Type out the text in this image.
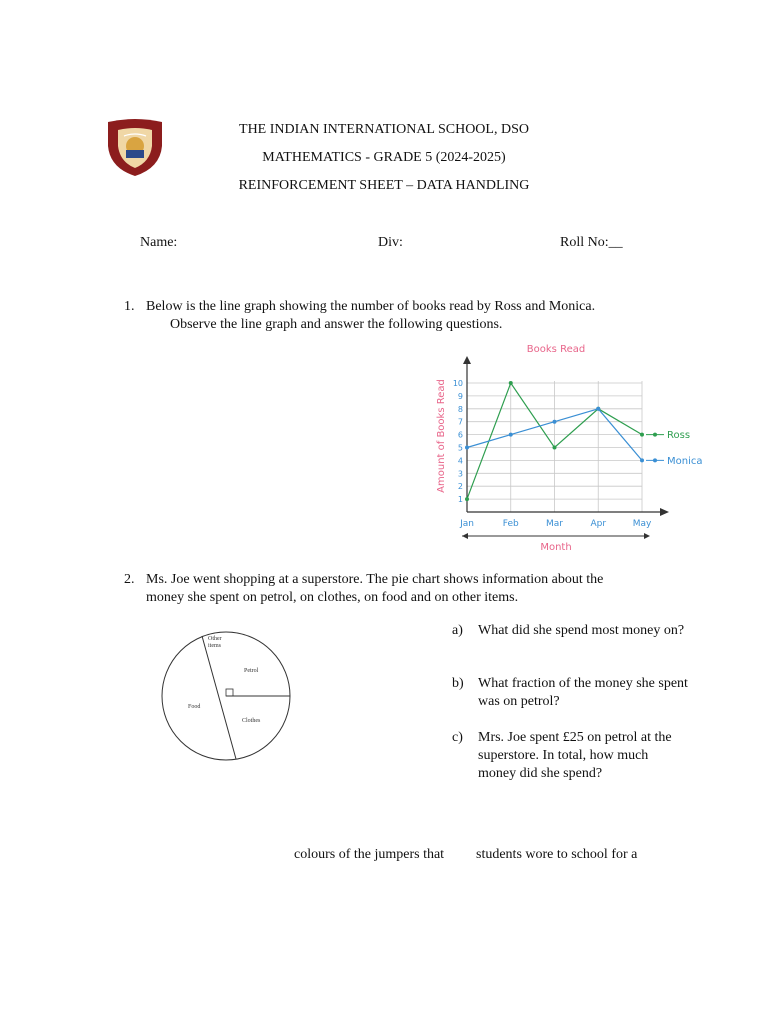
THE INDIAN INTERNATIONAL SCHOOL, DSO
MATHEMATICS - GRADE 5 (2024-2025)
REINFORCEMENT SHEET – DATA HANDLING
Name:	Div:	Roll No:__
1. Below is the line graph showing the number of books read by Ross and Monica.
Observe the line graph and answer the following questions.
Books Read
Amount of Books Read
Month
1
2
3
4
5
6
7
8
9
10
Jan	Feb	Mar	Apr	May
Ross
Monica
2. Ms. Joe went shopping at a superstore. The pie chart shows information about the
money she spent on petrol, on clothes, on food and on other items.
Other
items
Petrol
Food
Clothes
a) What did she spend most money on?
b) What fraction of the money she spent was on petrol?
c) Mrs. Joe spent £25 on petrol at the superstore. In total, how much money did she spend?
colours of the jumpers that students wore to school for a
